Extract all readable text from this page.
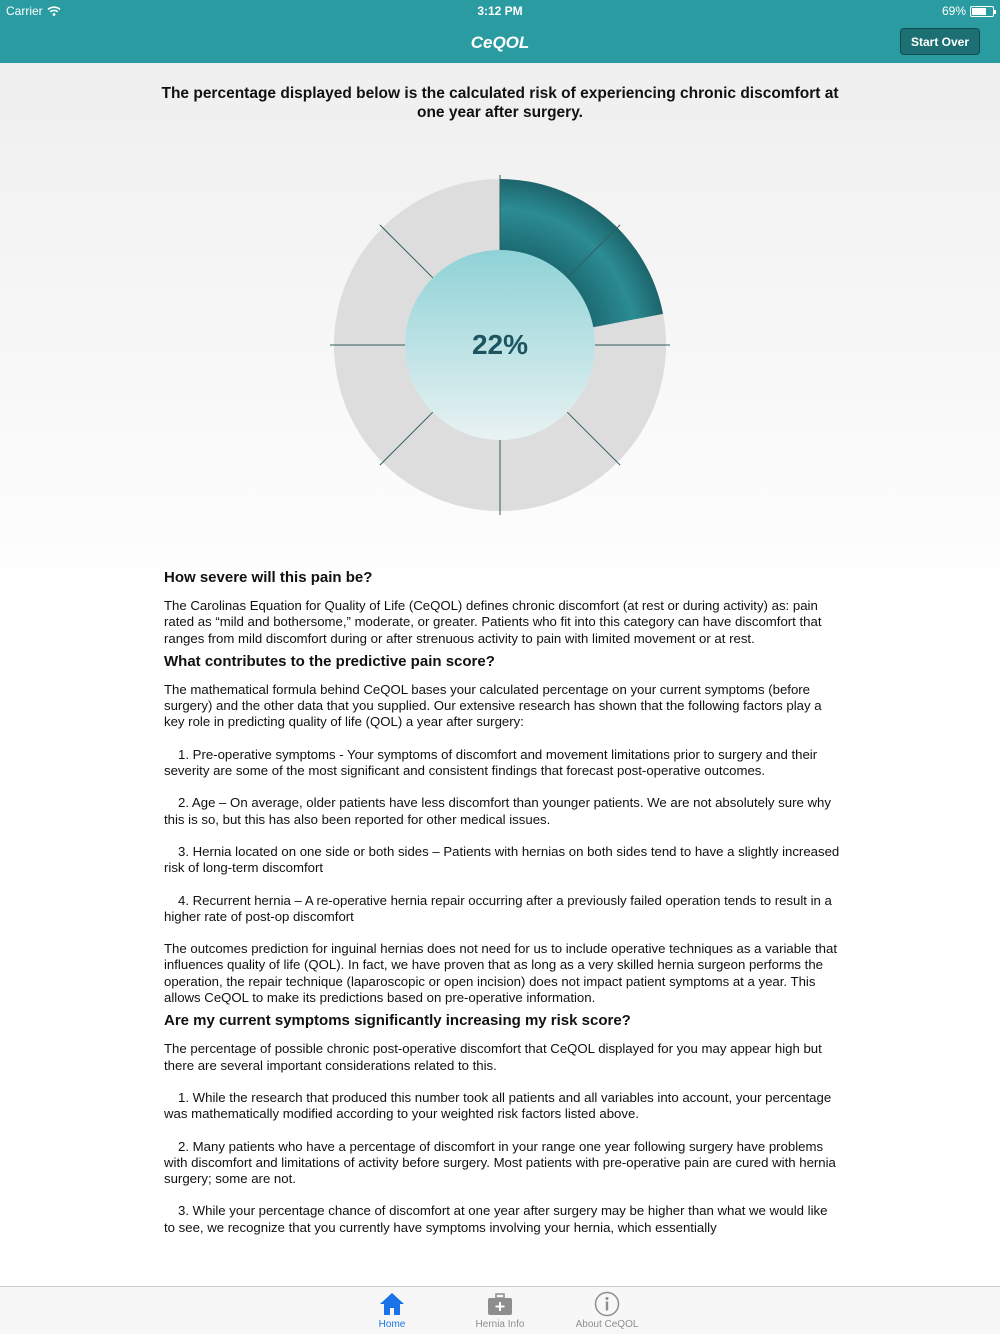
Carrier	3:12 PM	69%
CeQOL	Start Over
The percentage displayed below is the calculated risk of experiencing chronic discomfort at one year after surgery.
22%
How severe will this pain be?

The Carolinas Equation for Quality of Life (CeQOL) defines chronic discomfort (at rest or during activity) as: pain rated as “mild and bothersome,” moderate, or greater. Patients who fit into this category can have discomfort that ranges from mild discomfort during or after strenuous activity to pain with limited movement or at rest.

What contributes to the predictive pain score?

The mathematical formula behind CeQOL bases your calculated percentage on your current symptoms (before surgery) and the other data that you supplied. Our extensive research has shown that the following factors play a key role in predicting quality of life (QOL) a year after surgery:

1. Pre-operative symptoms - Your symptoms of discomfort and movement limitations prior to surgery and their severity are some of the most significant and consistent findings that forecast post-operative outcomes.

2. Age – On average, older patients have less discomfort than younger patients. We are not absolutely sure why this is so, but this has also been reported for other medical issues.

3. Hernia located on one side or both sides – Patients with hernias on both sides tend to have a slightly increased risk of long-term discomfort

4. Recurrent hernia – A re-operative hernia repair occurring after a previously failed operation tends to result in a higher rate of post-op discomfort

The outcomes prediction for inguinal hernias does not need for us to include operative techniques as a variable that influences quality of life (QOL). In fact, we have proven that as long as a very skilled hernia surgeon performs the operation, the repair technique (laparoscopic or open incision) does not impact patient symptoms at a year. This allows CeQOL to make its predictions based on pre-operative information.

Are my current symptoms significantly increasing my risk score?

The percentage of possible chronic post-operative discomfort that CeQOL displayed for you may appear high but there are several important considerations related to this.

1. While the research that produced this number took all patients and all variables into account, your percentage was mathematically modified according to your weighted risk factors listed above.

2. Many patients who have a percentage of discomfort in your range one year following surgery have problems with discomfort and limitations of activity before surgery. Most patients with pre-operative pain are cured with hernia surgery; some are not.

3. While your percentage chance of discomfort at one year after surgery may be higher than what we would like to see, we recognize that you currently have symptoms involving your hernia, which essentially

Home	Hernia Info	About CeQOL
